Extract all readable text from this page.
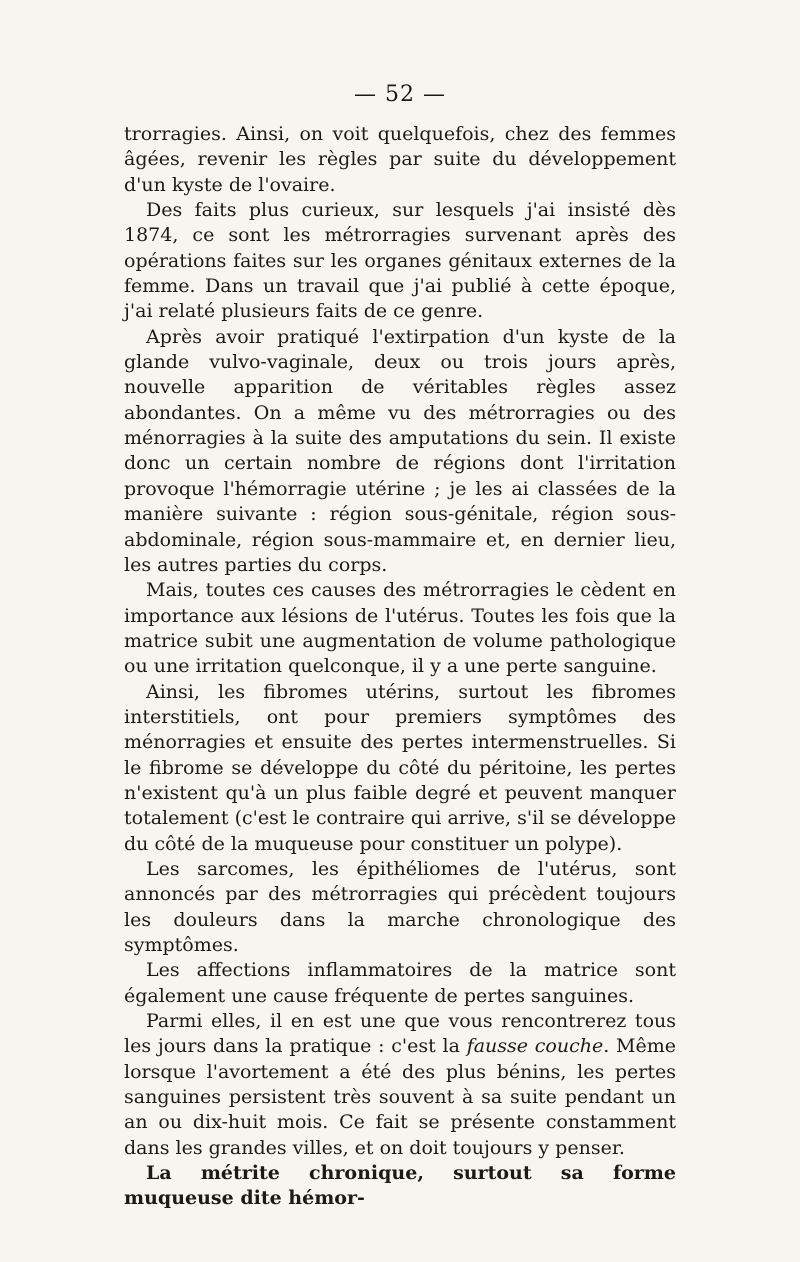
— 52 —

trorragies. Ainsi, on voit quelquefois, chez des femmes âgées, revenir les règles par suite du développement d'un kyste de l'ovaire.

Des faits plus curieux, sur lesquels j'ai insisté dès 1874, ce sont les métrorragies survenant après des opérations faites sur les organes génitaux externes de la femme. Dans un travail que j'ai publié à cette époque, j'ai relaté plusieurs faits de ce genre.

Après avoir pratiqué l'extirpation d'un kyste de la glande vulvo-vaginale, deux ou trois jours après, nouvelle apparition de véritables règles assez abondantes. On a même vu des métrorragies ou des ménorragies à la suite des amputations du sein. Il existe donc un certain nombre de régions dont l'irritation provoque l'hémorragie utérine ; je les ai classées de la manière suivante : région sous-génitale, région sous-abdominale, région sous-mammaire et, en dernier lieu, les autres parties du corps.

Mais, toutes ces causes des métrorragies le cèdent en importance aux lésions de l'utérus. Toutes les fois que la matrice subit une augmentation de volume pathologique ou une irritation quelconque, il y a une perte sanguine.

Ainsi, les fibromes utérins, surtout les fibromes interstitiels, ont pour premiers symptômes des ménorragies et ensuite des pertes intermenstruelles. Si le fibrome se développe du côté du péritoine, les pertes n'existent qu'à un plus faible degré et peuvent manquer totalement (c'est le contraire qui arrive, s'il se développe du côté de la muqueuse pour constituer un polype).

Les sarcomes, les épithéliomes de l'utérus, sont annoncés par des métrorragies qui précèdent toujours les douleurs dans la marche chronologique des symptômes.

Les affections inflammatoires de la matrice sont également une cause fréquente de pertes sanguines.

Parmi elles, il en est une que vous rencontrerez tous les jours dans la pratique : c'est la fausse couche. Même lorsque l'avortement a été des plus bénins, les pertes sanguines persistent très souvent à sa suite pendant un an ou dix-huit mois. Ce fait se présente constamment dans les grandes villes, et on doit toujours y penser.

La métrite chronique, surtout sa forme muqueuse dite hémor-
